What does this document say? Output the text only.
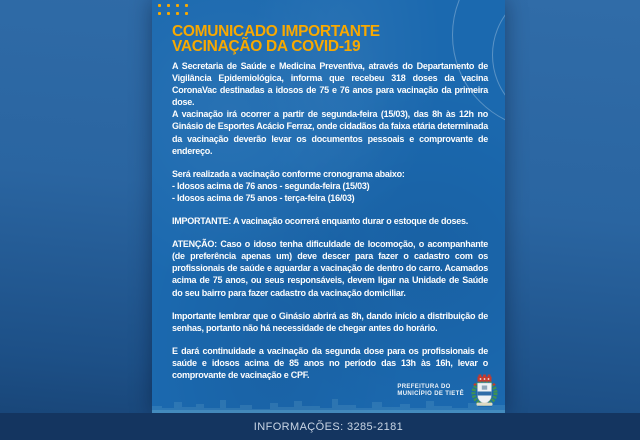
COMUNICADO IMPORTANTE
VACINAÇÃO DA COVID-19
A Secretaria de Saúde e Medicina Preventiva, através do Departamento de Vigilância Epidemiológica, informa que recebeu 318 doses da vacina CoronaVac destinadas a idosos de 75 e 76 anos para vacinação da primeira dose.
A vacinação irá ocorrer a partir de segunda-feira (15/03), das 8h às 12h no Ginásio de Esportes Acácio Ferraz, onde cidadãos da faixa etária determinada da vacinação deverão levar os documentos pessoais e comprovante de endereço.
Será realizada a vacinação conforme cronograma abaixo:
- Idosos acima de 76 anos - segunda-feira (15/03)
- Idosos acima de 75 anos - terça-feira (16/03)
IMPORTANTE: A vacinação ocorrerá enquanto durar o estoque de doses.
ATENÇÃO: Caso o idoso tenha dificuldade de locomoção, o acompanhante (de preferência apenas um) deve descer para fazer o cadastro com os profissionais de saúde e aguardar a vacinação de dentro do carro. Acamados acima de 75 anos, ou seus responsáveis, devem ligar na Unidade de Saúde do seu bairro para fazer cadastro da vacinação domiciliar.
Importante lembrar que o Ginásio abrirá as 8h, dando início a distribuição de senhas, portanto não há necessidade de chegar antes do horário.
E dará continuidade a vacinação da segunda dose para os profissionais de saúde e idosos acima de 85 anos no período das 13h às 16h, levar o comprovante de vacinação e CPF.
PREFEITURA DO
MUNICÍPIO DE TIETÊ
INFORMAÇÕES: 3285-2181
